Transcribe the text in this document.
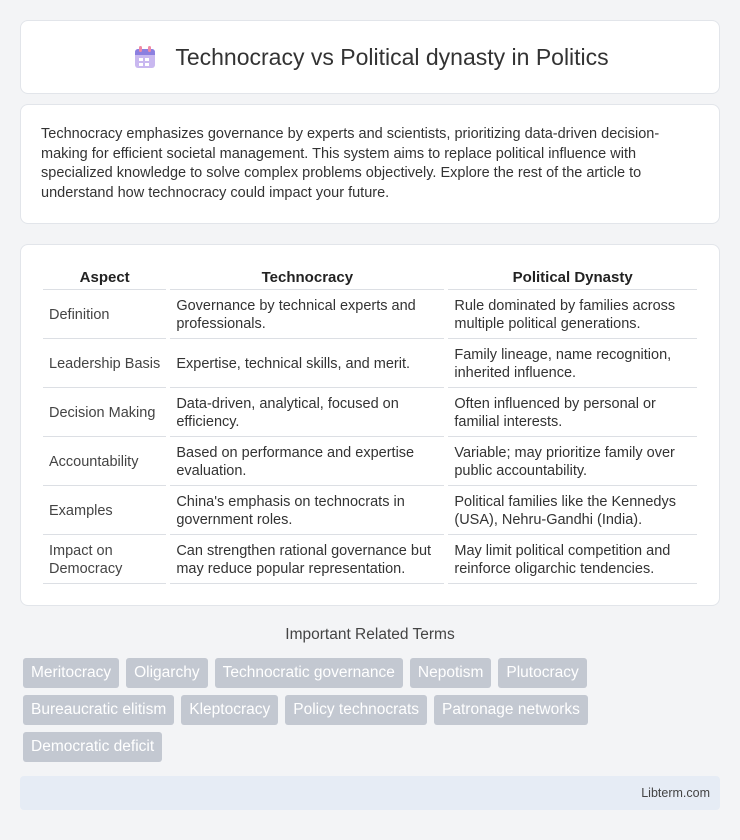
Technocracy vs Political dynasty in Politics

Technocracy emphasizes governance by experts and scientists, prioritizing data-driven decision-making for efficient societal management. This system aims to replace political influence with specialized knowledge to solve complex problems objectively. Explore the rest of the article to understand how technocracy could impact your future.

Aspect	Technocracy	Political Dynasty
Definition	Governance by technical experts and professionals.	Rule dominated by families across multiple political generations.
Leadership Basis	Expertise, technical skills, and merit.	Family lineage, name recognition, inherited influence.
Decision Making	Data-driven, analytical, focused on efficiency.	Often influenced by personal or familial interests.
Accountability	Based on performance and expertise evaluation.	Variable; may prioritize family over public accountability.
Examples	China's emphasis on technocrats in government roles.	Political families like the Kennedys (USA), Nehru-Gandhi (India).
Impact on Democracy	Can strengthen rational governance but may reduce popular representation.	May limit political competition and reinforce oligarchic tendencies.
Important Related Terms
Meritocracy	Oligarchy	Technocratic governance	Nepotism	Plutocracy
Bureaucratic elitism	Kleptocracy	Policy technocrats	Patronage networks
Democratic deficit
Libterm.com
